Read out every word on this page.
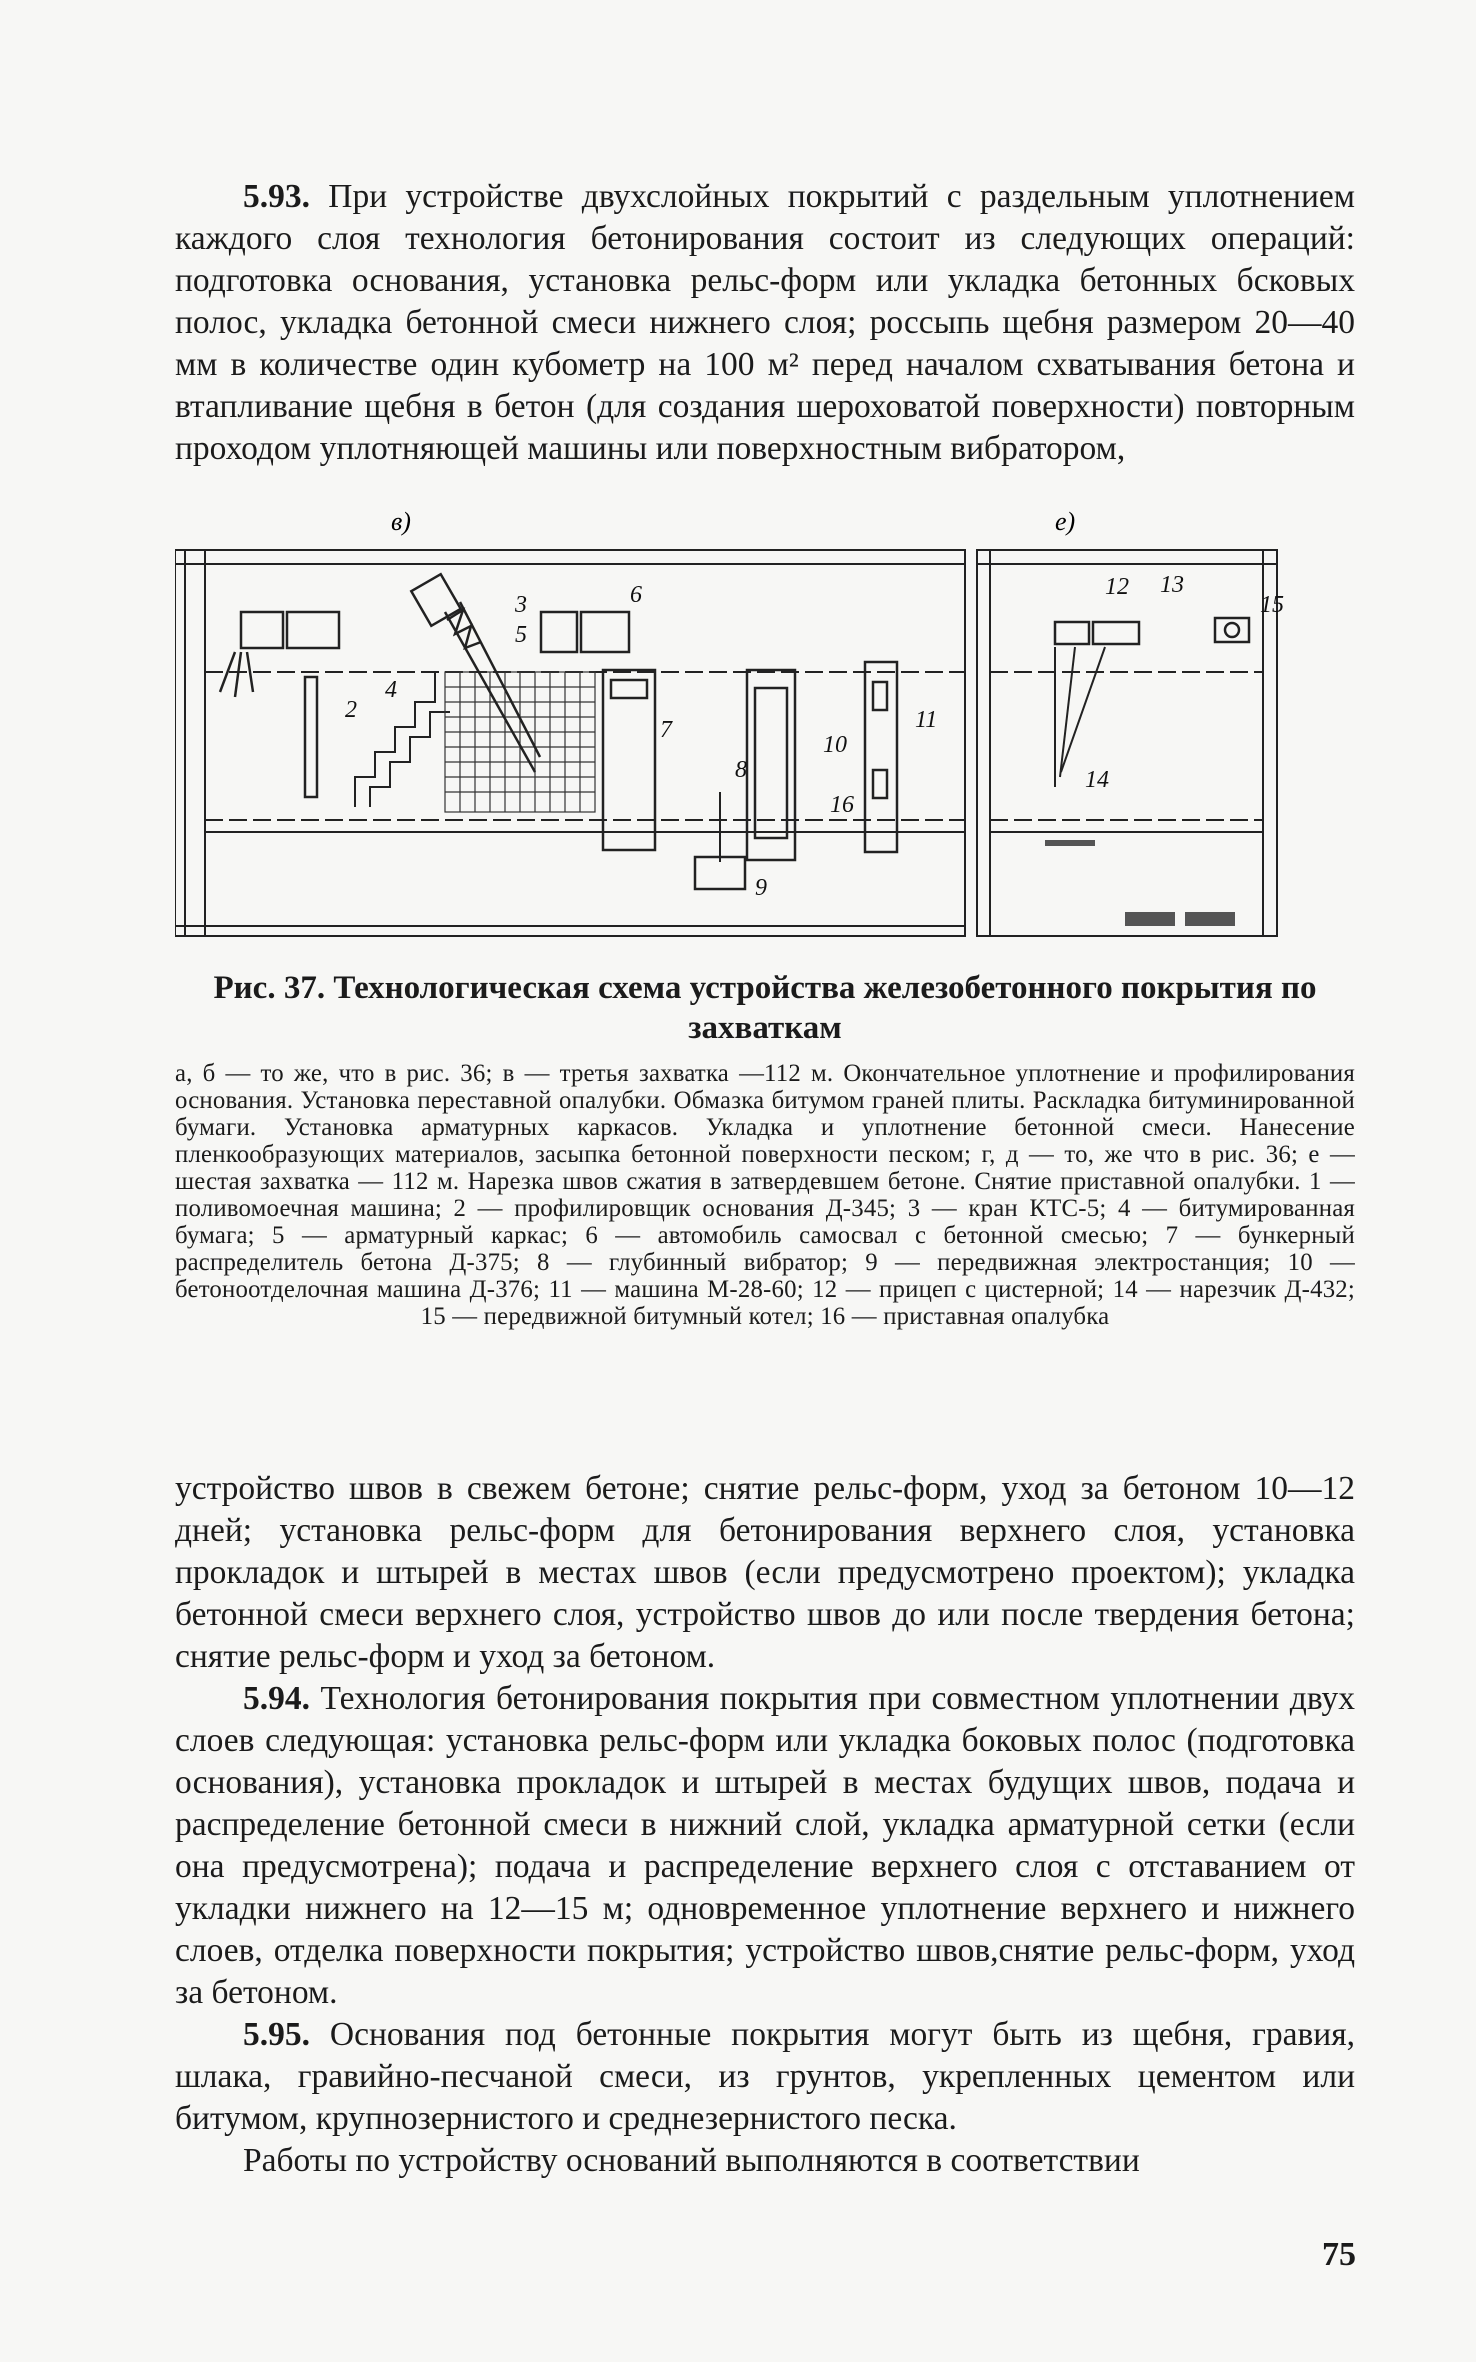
5.93. При устройстве двухслойных покрытий с раздельным уплотнением каждого слоя технология бетонирования состоит из следующих операций: подготовка основания, установка рельс-форм или укладка бетонных бсковых полос, укладка бетонной смеси нижнего слоя; россыпь щебня размером 20—40 мм в количестве один кубометр на 100 м² перед началом схватывания бетона и втапливание щебня в бетон (для создания шероховатой поверхности) повторным проходом уплотняющей машины или поверхностным вибратором,

в)	е)
3
5
6
2
4
7
8
10
11
16
9
12 13
15
14
Рис. 37. Технологическая схема устройства железобетонного покрытия по захваткам
а, б — то же, что в рис. 36; в — третья захватка —112 м. Окончательное уплотнение и профилирования основания. Установка переставной опалубки. Обмазка битумом граней плиты. Раскладка битуминированной бумаги. Установка арматурных каркасов. Укладка и уплотнение бетонной смеси. Нанесение пленкообразующих материалов, засыпка бетонной поверхности песком; г, д — то, же что в рис. 36; е — шестая захватка — 112 м. Нарезка швов сжатия в затвердевшем бетоне. Снятие приставной опалубки. 1 — поливомоечная машина; 2 — профилировщик основания Д-345; 3 — кран КТС-5; 4 — битумированная бумага; 5 — арматурный каркас; 6 — автомобиль самосвал с бетонной смесью; 7 — бункерный распределитель бетона Д-375; 8 — глубинный вибратор; 9 — передвижная электростанция; 10 — бетоноотделочная машина Д-376; 11 — машина М-28-60; 12 — прицеп с цистерной; 14 — нарезчик Д-432; 15 — передвижной битумный котел; 16 — приставная опалубка

устройство швов в свежем бетоне; снятие рельс-форм, уход за бетоном 10—12 дней; установка рельс-форм для бетонирования верхнего слоя, установка прокладок и штырей в местах швов (если предусмотрено проектом); укладка бетонной смеси верхнего слоя, устройство швов до или после твердения бетона; снятие рельс-форм и уход за бетоном.

5.94. Технология бетонирования покрытия при совместном уплотнении двух слоев следующая: установка рельс-форм или укладка боковых полос (подготовка основания), установка прокладок и штырей в местах будущих швов, подача и распределение бетонной смеси в нижний слой, укладка арматурной сетки (если она предусмотрена); подача и распределение верхнего слоя с отставанием от укладки нижнего на 12—15 м; одновременное уплотнение верхнего и нижнего слоев, отделка поверхности покрытия; устройство швов,снятие рельс-форм, уход за бетоном.

5.95. Основания под бетонные покрытия могут быть из щебня, гравия, шлака, гравийно-песчаной смеси, из грунтов, укрепленных цементом или битумом, крупнозернистого и среднезернистого песка.

Работы по устройству оснований выполняются в соответствии

75
